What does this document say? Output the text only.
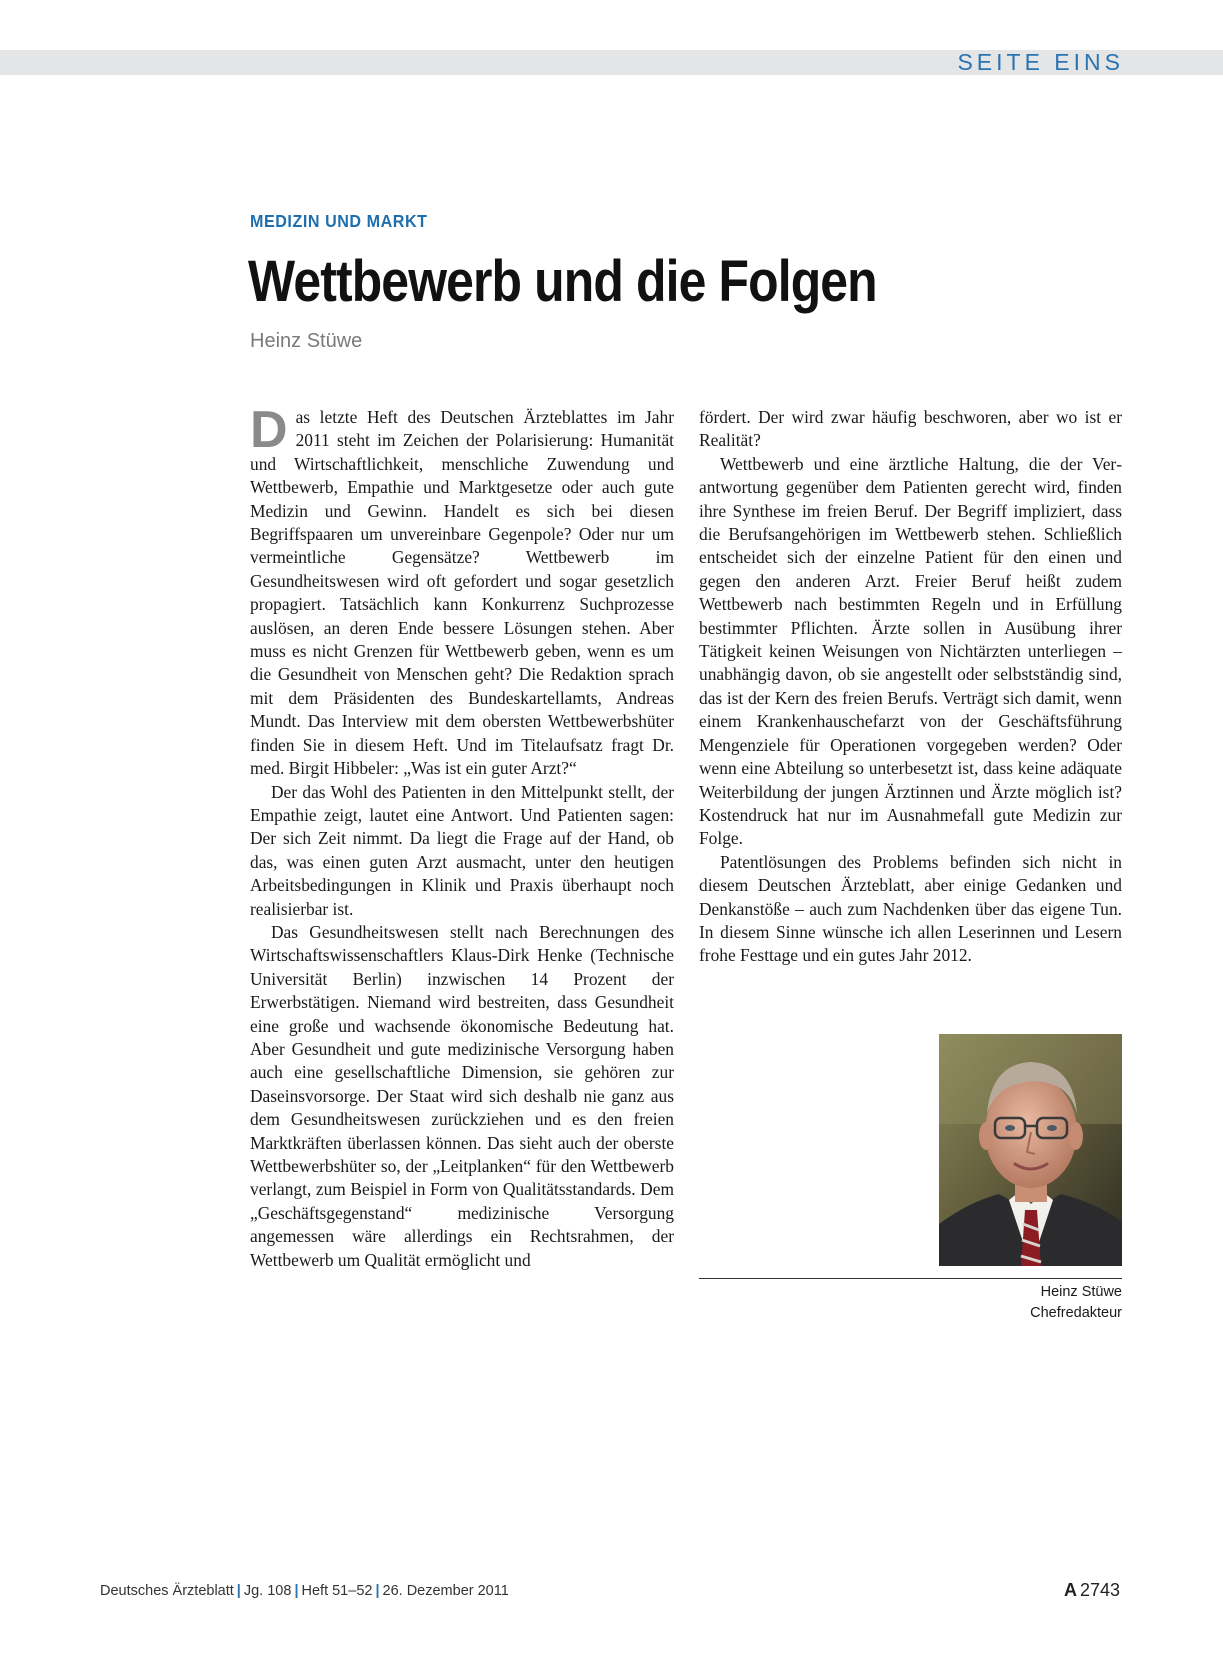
SEITE EINS
MEDIZIN UND MARKT
Wettbewerb und die Folgen
Heinz Stüwe

Das letzte Heft des Deutschen Ärzteblattes im Jahr 2011 steht im Zeichen der Polarisierung: Humanität und Wirtschaftlichkeit, menschliche Zuwendung und Wettbewerb, Empathie und Marktgesetze oder auch gute Medizin und Gewinn. Handelt es sich bei diesen Begriffspaaren um unvereinbare Gegenpole? Oder nur um vermeintliche Gegensätze? Wettbewerb im Gesundheitswesen wird oft gefordert und sogar gesetzlich propagiert. Tatsächlich kann Konkurrenz Suchprozesse auslösen, an deren Ende bessere Lösungen stehen. Aber muss es nicht Grenzen für Wettbewerb geben, wenn es um die Gesundheit von Menschen geht? Die Redaktion sprach mit dem Präsidenten des Bundeskartellamts, Andreas Mundt. Das Interview mit dem obersten Wettbewerbshüter finden Sie in diesem Heft. Und im Titelaufsatz fragt Dr. med. Birgit Hibbeler: „Was ist ein guter Arzt?“

Der das Wohl des Patienten in den Mittelpunkt stellt, der Empathie zeigt, lautet eine Antwort. Und Patienten sagen: Der sich Zeit nimmt. Da liegt die Frage auf der Hand, ob das, was einen guten Arzt ausmacht, unter den heutigen Arbeitsbedingungen in Klinik und Praxis überhaupt noch realisierbar ist.

Das Gesundheitswesen stellt nach Berechnungen des Wirtschaftswissenschaftlers Klaus-Dirk Henke (Technische Universität Berlin) inzwischen 14 Prozent der Erwerbstätigen. Niemand wird bestreiten, dass Gesundheit eine große und wachsende ökonomische Bedeutung hat. Aber Gesundheit und gute medizinische Versorgung haben auch eine gesellschaftliche Dimension, sie gehören zur Daseinsvorsorge. Der Staat wird sich deshalb nie ganz aus dem Gesundheitswesen zurückziehen und es den freien Marktkräften überlassen können. Das sieht auch der oberste Wettbewerbshüter so, der „Leitplanken“ für den Wettbewerb verlangt, zum Beispiel in Form von Qualitätsstandards. Dem „Geschäftsgegenstand“ medizinische Versorgung angemessen wäre allerdings ein Rechtsrahmen, der Wettbewerb um Qualität ermöglicht und

fördert. Der wird zwar häufig beschworen, aber wo ist er Realität?

Wettbewerb und eine ärztliche Haltung, die der Verantwortung gegenüber dem Patienten gerecht wird, finden ihre Synthese im freien Beruf. Der Begriff impliziert, dass die Berufsangehörigen im Wettbewerb stehen. Schließlich entscheidet sich der einzelne Patient für den einen und gegen den anderen Arzt. Freier Beruf heißt zudem Wettbewerb nach bestimmten Regeln und in Erfüllung bestimmter Pflichten. Ärzte sollen in Ausübung ihrer Tätigkeit keinen Weisungen von Nichtärzten unterliegen – unabhängig davon, ob sie angestellt oder selbstständig sind, das ist der Kern des freien Berufs. Verträgt sich damit, wenn einem Krankenhauschefarzt von der Geschäftsführung Mengenziele für Operationen vorgegeben werden? Oder wenn eine Abteilung so unterbesetzt ist, dass keine adäquate Weiterbildung der jungen Ärztinnen und Ärzte möglich ist? Kostendruck hat nur im Ausnahmefall gute Medizin zur Folge.

Patentlösungen des Problems befinden sich nicht in diesem Deutschen Ärzteblatt, aber einige Gedanken und Denkanstöße – auch zum Nachdenken über das eigene Tun. In diesem Sinne wünsche ich allen Leserinnen und Lesern frohe Festtage und ein gutes Jahr 2012.

Heinz Stüwe
Chefredakteur
Deutsches Ärzteblatt | Jg. 108 | Heft 51–52 | 26. Dezember 2011	A 2743
